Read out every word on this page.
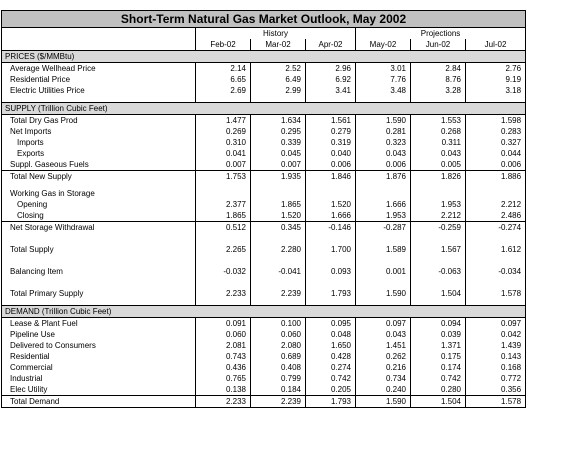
Short-Term Natural Gas Market Outlook, May 2002						
	History			Projections		
	Feb-02	Mar-02	Apr-02	May-02	Jun-02	Jul-02
PRICES ($/MMBtu)						
Average Wellhead Price	2.14	2.52	2.96	3.01	2.84	2.76
Residential Price	6.65	6.49	6.92	7.76	8.76	9.19
Electric Utilities Price	2.69	2.99	3.41	3.48	3.28	3.18

SUPPLY (Trillion Cubic Feet)						
Total Dry Gas Prod	1.477	1.634	1.561	1.590	1.553	1.598
Net Imports	0.269	0.295	0.279	0.281	0.268	0.283
Imports	0.310	0.339	0.319	0.323	0.311	0.327
Exports	0.041	0.045	0.040	0.043	0.043	0.044
Suppl. Gaseous Fuels	0.007	0.007	0.006	0.006	0.005	0.006
Total New Supply	1.753	1.935	1.846	1.876	1.826	1.886

Working Gas in Storage						
Opening	2.377	1.865	1.520	1.666	1.953	2.212
Closing	1.865	1.520	1.666	1.953	2.212	2.486
Net Storage Withdrawal	0.512	0.345	-0.146	-0.287	-0.259	-0.274

Total Supply	2.265	2.280	1.700	1.589	1.567	1.612

Balancing Item	-0.032	-0.041	0.093	0.001	-0.063	-0.034

Total Primary Supply	2.233	2.239	1.793	1.590	1.504	1.578

DEMAND (Trillion Cubic Feet)						
Lease & Plant Fuel	0.091	0.100	0.095	0.097	0.094	0.097
Pipeline Use	0.060	0.060	0.048	0.043	0.039	0.042
Delivered to Consumers	2.081	2.080	1.650	1.451	1.371	1.439
Residential	0.743	0.689	0.428	0.262	0.175	0.143
Commercial	0.436	0.408	0.274	0.216	0.174	0.168
Industrial	0.765	0.799	0.742	0.734	0.742	0.772
Elec Utility	0.138	0.184	0.205	0.240	0.280	0.356
Total Demand	2.233	2.239	1.793	1.590	1.504	1.578
